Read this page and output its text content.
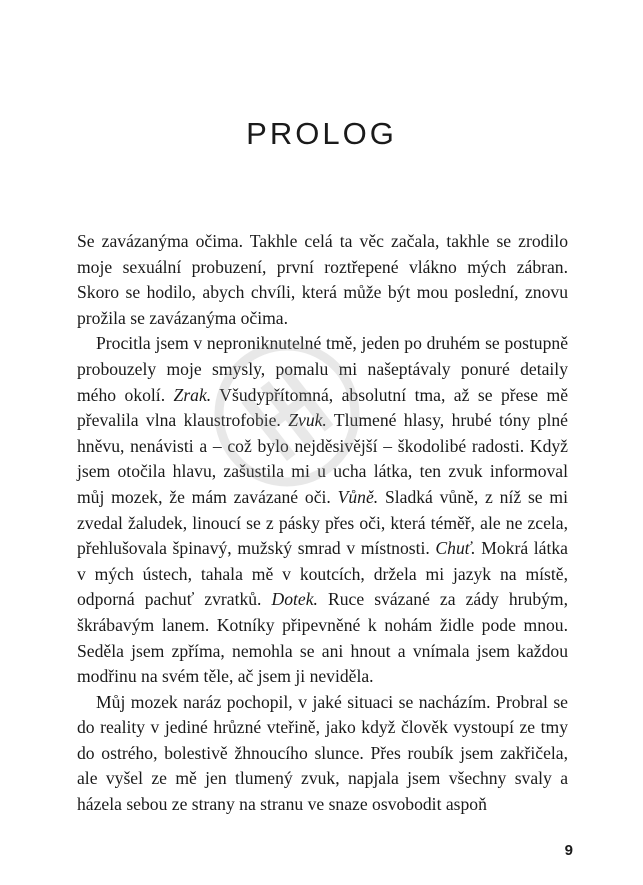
PROLOG

Se zavázanýma očima. Takhle celá ta věc začala, takhle se zrodilo moje sexuální probuzení, první roztřepené vlákno mých zábran. Skoro se hodilo, abych chvíli, která může být mou poslední, znovu prožila se zavázanýma očima.

Procitla jsem v neproniknutelné tmě, jeden po druhém se postupně probouzely moje smysly, pomalu mi našeptávaly ponuré detaily mého okolí. Zrak. Všudypřítomná, absolutní tma, až se přese mě převalila vlna klaustrofobie. Zvuk. Tlumené hlasy, hrubé tóny plné hněvu, nenávisti a – což bylo nejděsivější – škodolibé radosti. Když jsem otočila hlavu, zašustila mi u ucha látka, ten zvuk informoval můj mozek, že mám zavázané oči. Vůně. Sladká vůně, z níž se mi zvedal žaludek, linoucí se z pásky přes oči, která téměř, ale ne zcela, přehlušovala špinavý, mužský smrad v místnosti. Chuť. Mokrá látka v mých ústech, tahala mě v koutcích, držela mi jazyk na místě, odporná pachuť zvratků. Dotek. Ruce svázané za zády hrubým, škrábavým lanem. Kotníky připevněné k nohám židle pode mnou. Seděla jsem zpříma, nemohla se ani hnout a vnímala jsem každou modřinu na svém těle, ač jsem ji neviděla.

Můj mozek naráz pochopil, v jaké situaci se nacházím. Probral se do reality v jediné hrůzné vteřině, jako když člověk vystoupí ze tmy do ostrého, bolestivě žhnoucího slunce. Přes roubík jsem zakřičela, ale vyšel ze mě jen tlumený zvuk, napjala jsem všechny svaly a házela sebou ze strany na stranu ve snaze osvobodit aspoň

9
